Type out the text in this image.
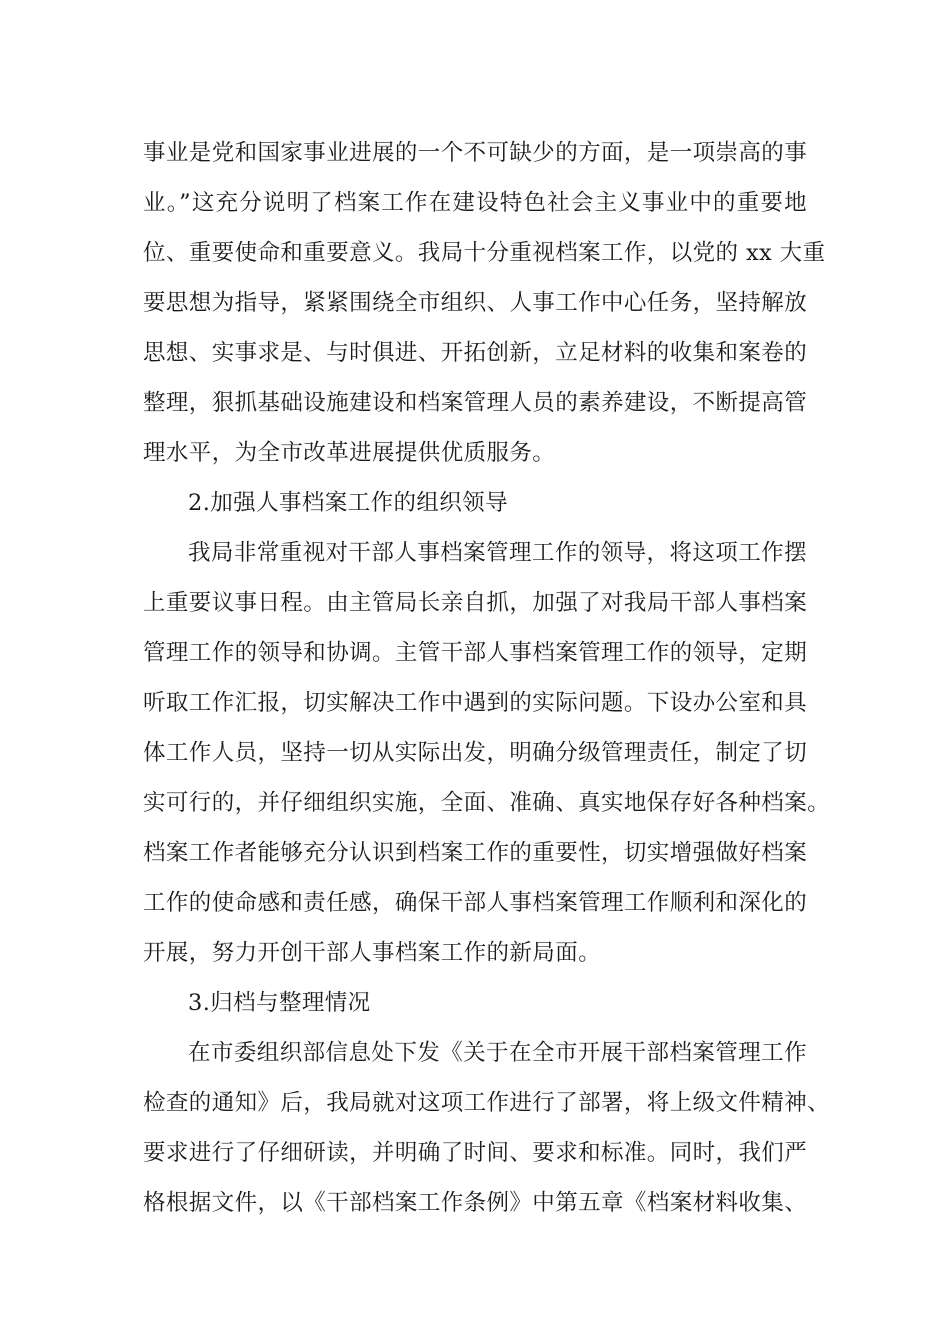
事业是党和国家事业进展的一个不可缺少的方面，是一项崇高的事
业。”这充分说明了档案工作在建设特色社会主义事业中的重要地
位、重要使命和重要意义。我局十分重视档案工作，以党的 xx 大重
要思想为指导，紧紧围绕全市组织、人事工作中心任务，坚持解放
思想、实事求是、与时俱进、开拓创新，立足材料的收集和案卷的
整理，狠抓基础设施建设和档案管理人员的素养建设，不断提高管
理水平，为全市改革进展提供优质服务。
2.加强人事档案工作的组织领导
我局非常重视对干部人事档案管理工作的领导，将这项工作摆
上重要议事日程。由主管局长亲自抓，加强了对我局干部人事档案
管理工作的领导和协调。主管干部人事档案管理工作的领导，定期
听取工作汇报，切实解决工作中遇到的实际问题。下设办公室和具
体工作人员，坚持一切从实际出发，明确分级管理责任，制定了切
实可行的，并仔细组织实施，全面、准确、真实地保存好各种档案。
档案工作者能够充分认识到档案工作的重要性，切实增强做好档案
工作的使命感和责任感，确保干部人事档案管理工作顺利和深化的
开展，努力开创干部人事档案工作的新局面。
3.归档与整理情况
在市委组织部信息处下发《关于在全市开展干部档案管理工作
检查的通知》后，我局就对这项工作进行了部署，将上级文件精神、
要求进行了仔细研读，并明确了时间、要求和标准。同时，我们严
格根据文件，以《干部档案工作条例》中第五章《档案材料收集、
